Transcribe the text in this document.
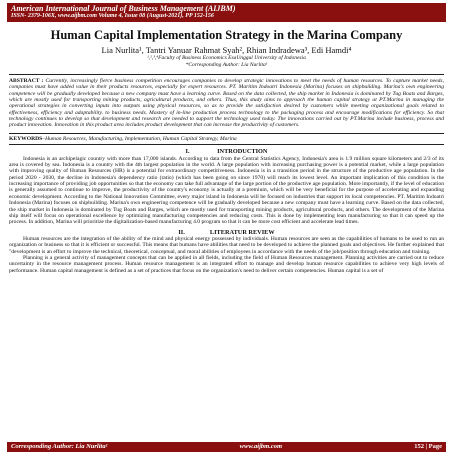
American International Journal of Business Management (AIJBM)
ISSN- 2379-106X, www.aijbm.com Volume 4, Issue 08 (August-2021), PP 152-156
Human Capital Implementation Strategy in the Marina Company
Lia Nurlita¹, Tantri Yanuar Rahmat Syah², Rhian Indradewa³, Edi Hamdi⁴
¹,²,³,⁴Faculty of Business Economics EsaUnggul University of Indonesia
*Corresponding Author: Lia Nurlita¹
ABSTRACT : Currently, increasingly fierce business competition encourages companies to develop strategic innovations to meet the needs of human resources. To capture market needs, companies must have added value in their products resources, especially for expert resources. PT. Maritim Indoatri Indonesia (Marina) focuses on shipbuilding. Marina's own engineering competence will be gradually developed because a new company must have a learning curve. Based on the data collected, the ship market in Indonesia is dominated by Tug Boats and Barges, which are mostly used for transporting mining products, agricultural products, and others. Thus, this study aims to approach the human capital strategy at PT.Marina in managing the operational strategies in converting inputs into outputs using physical resources, so as to provide the satisfaction desired by customers while meeting organizational goals related to effectiveness, efficiency and adaptability. to business needs. Mastery of in-line production process technology to the packaging process and encourage modifications for efficiency. So that technology continues to develop so that development and research are needed to support the technology used today. The innovations carried out by PT.Marina include business, process and product innovation. Innovation in this product area includes product development that can increase the productivity of customers.
KEYWORDS–Human Resources, Manufacturing, Implementation, Human Capital Strategy, Marina
I.	INTRODUCTION

Indonesia is an archipelagic country with more than 17,000 islands. According to data from the Central Statistics Agency, Indonesia's area is 1.9 million square kilometers and 2/3 of its area is covered by sea. Indonesia is a country with the 4th largest population in the world. A large population with increasing purchasing power is a potential market, while a large population with improving quality of Human Resources (HR) is a potential for extraordinary competitiveness. Indonesia is in a transition period in the structure of the productive age population. In the period 2020 - 2030, the decline in Indonesia's dependency ratio (ratio) (which has been going on since 1970) will reach its lowest level. An important implication of this condition is the increasing importance of providing job opportunities so that the economy can take full advantage of the large portion of the productive age population. More importantly, if the level of education is generally assumed to continue to improve, the productivity of the country's economy is actually at a premium, which will be very beneficial for the purpose of accelerating and expanding economic development. According to the National Innovation Committee, every major island in Indonesia will be focused on industries that support its local competencies. PT. Maritim Indoatri Indonesia (Marina) focuses on shipbuilding. Marina's own engineering competence will be gradually developed because a new company must have a learning curve. Based on the data collected, the ship market in Indonesia is dominated by Tug Boats and Barges, which are mostly used for transporting mining products, agricultural products, and others. The development of the Marina ship itself will focus on operational excellence by optimizing manufacturing competencies and reducing costs. This is done by implementing lean manufacturing so that it can speed up the process. In addition, Marina will prioritize the digitalization-based manufacturing 4.0 program so that it can be more cost efficient and accelerate lead times.

II.	LITERATUR REVIEW

Human resources are the integration of the ability of the mind and physical energy possessed by individuals. Human resources are seen as the capabilities of humans to be used to run an organization or business so that it is efficient or successful. This means that humans have abilities that need to be developed to achieve the planned goals and objectives. He further explained that "development is an effort to improve the technical, theoretical, conceptual, and moral abilities of employees in accordance with the needs of the job/position through education and training.

Planning is a general activity of management concepts that can be applied in all fields, including the field of Human Resources management. Planning activities are carried out to reduce uncertainty in the resource management process. Human resource management is an integrated effort to manage and develop human resource capabilities to achieve very high levels of performance. Human capital management is defined as a set of practices that focus on the organization's need to deliver certain competencies. Human capital is a set of

Corresponding Author: Lia Nurlita¹	www.aijbm.com	152 | Page
